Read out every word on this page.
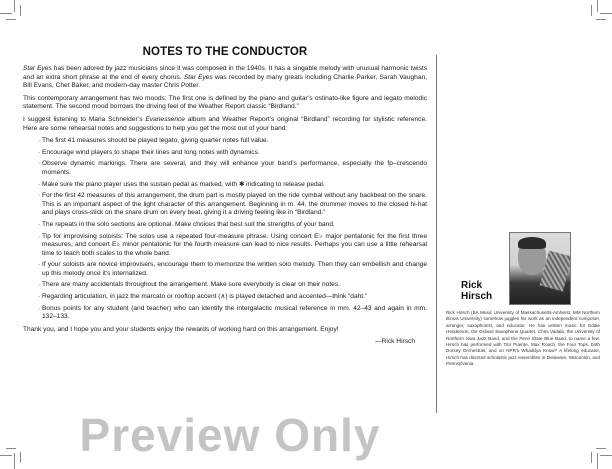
NOTES TO THE CONDUCTOR

Star Eyes has been adored by jazz musicians since it was composed in the 1940s. It has a singable melody with unusual harmonic twists and an extra short phrase at the end of every chorus. Star Eyes was recorded by many greats including Charlie Parker, Sarah Vaughan, Bill Evans, Chet Baker, and modern-day master Chris Potter.

This contemporary arrangement has two moods: The first one is defined by the piano and guitar’s ostinato-like figure and legato melodic statement. The second mood borrows the driving feel of the Weather Report classic “Birdland.”

I suggest listening to Maria Schneider’s Evanessence album and Weather Report’s original “Birdland” recording for stylistic reference. Here are some rehearsal notes and suggestions to help you get the most out of your band:

· The first 41 measures should be played legato, giving quarter notes full value.
· Encourage wind players to shape their lines and long notes with dynamics.
· Observe dynamic markings. There are several, and they will enhance your band’s performance, especially the fp–crescendo moments.
· Make sure the piano player uses the sustain pedal as marked, with ✱ indicating to release pedal.
· For the first 42 measures of this arrangement, the drum part is mostly played on the ride cymbal without any backbeat on the snare. This is an important aspect of the light character of this arrangement. Beginning in m. 44, the drummer moves to the closed hi-hat and plays cross-stick on the snare drum on every beat, giving it a driving feeling like in “Birdland.”
· The repeats in the solo sections are optional. Make choices that best suit the strengths of your band.
· Tip for improvising soloists: The solos use a repeated four-measure phrase. Using concert E♭ major pentatonic for the first three measures, and concert E♭ minor pentatonic for the fourth measure can lead to nice results. Perhaps you can use a little rehearsal time to teach both scales to the whole band.
· If your soloists are novice improvisers, encourage them to memorize the written solo melody. Then they can embellish and change up this melody once it’s internalized.
· There are many accidentals throughout the arrangement. Make sure everybody is clear on their notes.
· Regarding articulation, in jazz the marcato or rooftop accent (∧) is played detached and accented—think “daht.”
· Bonus points for any student (and teacher) who can identify the intergalactic musical reference in mm. 42–43 and again in mm. 132–133.

Thank you, and I hope you and your students enjoy the rewards of working hard on this arrangement. Enjoy!

—Rick Hirsch
Rick
Hirsch
Rick Hirsch (BA Music University of Massachusetts-Amherst, MM Northern Illinois University) somehow juggles his work as an independent composer, arranger, saxophonist, and educator. He has written music for Eddie Henderson, the Oxland Saxophone Quartet, Chris Vadala, the University of Northern Iowa Jazz Band, and the Penn State Blue Band, to name a few. Hirsch has performed with Tito Puente, Max Roach, the Four Tops, both Dorsey Orchestras, and on NPR’s Whaddya Know? A lifelong educator, Hirsch has directed scholastic jazz ensembles in Delaware, Wisconsin, and Pennsylvania.
Preview Only
